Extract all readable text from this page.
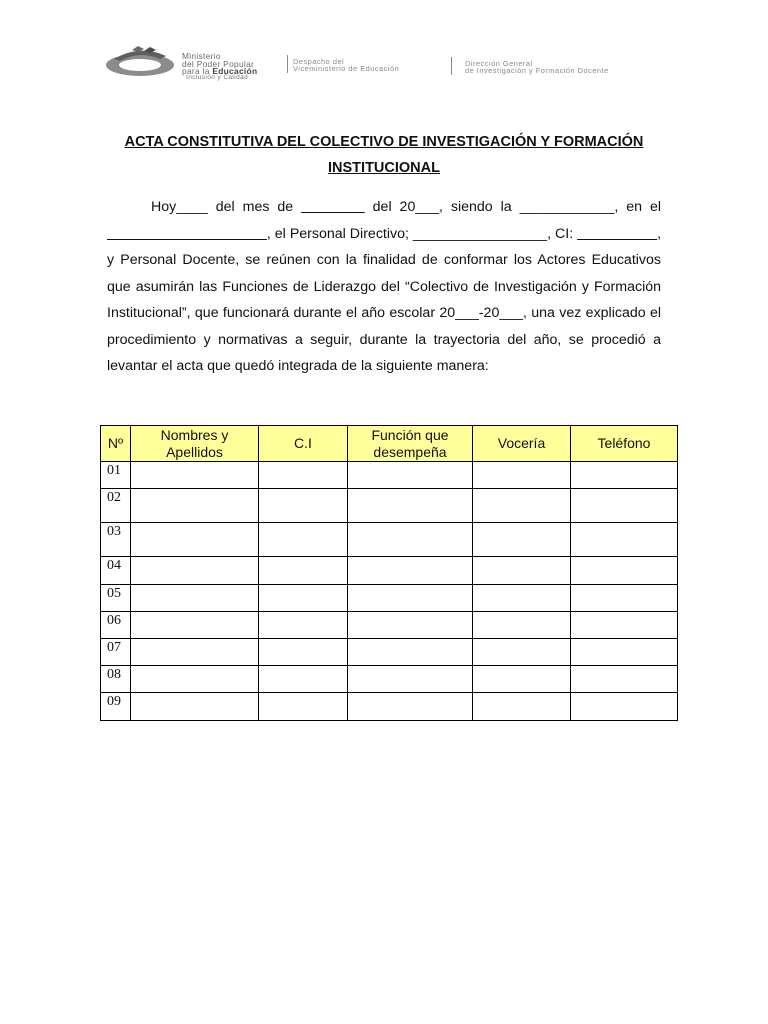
Ministerio
del Poder Popular
para la Educación
Inclusión y Calidad
Despacho del
Viceministerio de Educación
Dirección General
de Investigación y Formación Docente
ACTA CONSTITUTIVA DEL COLECTIVO DE INVESTIGACIÓN Y FORMACIÓN INSTITUCIONAL

Hoy____ del mes de	del 20___, siendo la ____________, en el                                         , el Personal Directivo; _________________, CI:	, y Personal Docente, se reúnen con la finalidad de conformar los Actores Educativos que asumirán las Funciones de Liderazgo del “Colectivo de Investigación y Formación Institucional”, que funcionará durante el año escolar 20___-20___, una vez explicado el procedimiento y normativas a seguir, durante la trayectoria del año, se procedió a levantar el acta que quedó integrada de la siguiente manera:

Nº	Nombres y Apellidos	C.I	Función que desempeña	Vocería	Teléfono
01					
02					
03					
04					
05					
06					
07					
08					
09					
